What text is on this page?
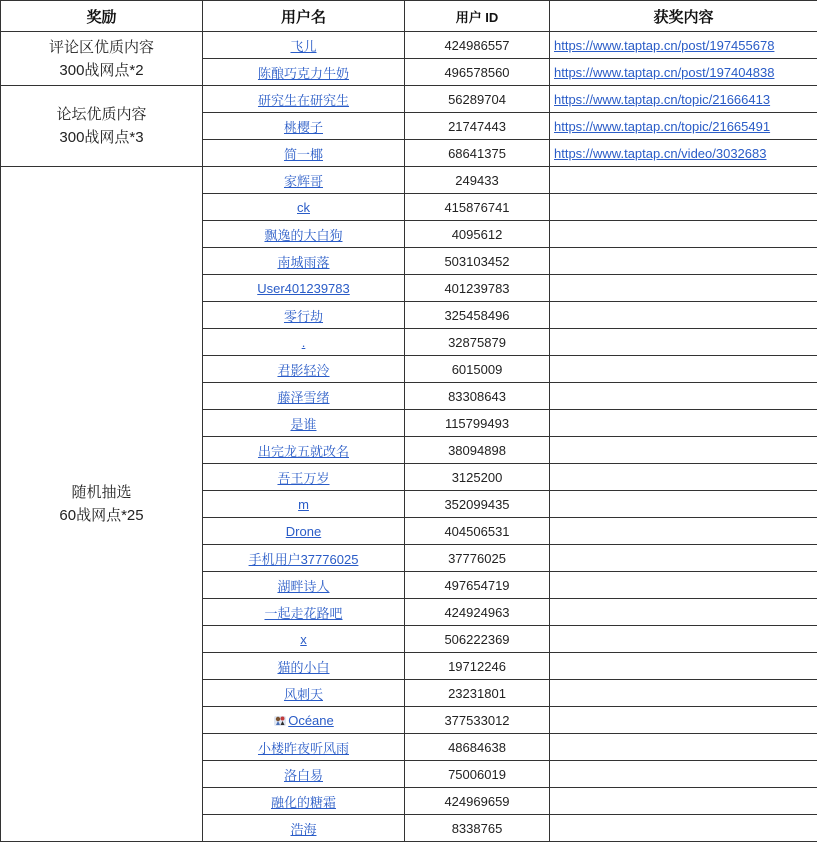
奖励	用户名	用户 ID	获奖内容

评论区优质内容
300战网点*2	飞儿	424986557	https://www.taptap.cn/post/197455678
	陈酿巧克力牛奶	496578560	https://www.taptap.cn/post/197404838

论坛优质内容
300战网点*3	研究生在研究生	56289704	https://www.taptap.cn/topic/21666413
	桃樱子	21747443	https://www.taptap.cn/topic/21665491
	简一椰	68641375	https://www.taptap.cn/video/3032683

随机抽选
60战网点*25	家辉哥	249433	
	ck	415876741	
	飘逸的大白狗	4095612	
	南城雨落	503103452	
	User401239783	401239783	
	零行劫	325458496	
	.	32875879	
	君影轻泠	6015009	
	藤泽雪绪	83308643	
	是谁	115799493	
	出完龙五就改名	38094898	
	吾王万岁	3125200	
	m	352099435	
	Drone	404506531	
	手机用户37776025	37776025	
	湖畔诗人	497654719	
	一起走花路吧	424924963	
	x	506222369	
	猫的小白	19712246	
	风刺天	23231801	
	Océane	377533012	
	小楼昨夜听风雨	48684638	
	洛白易	75006019	
	融化的糖霜	424969659	
	浩海	8338765	
